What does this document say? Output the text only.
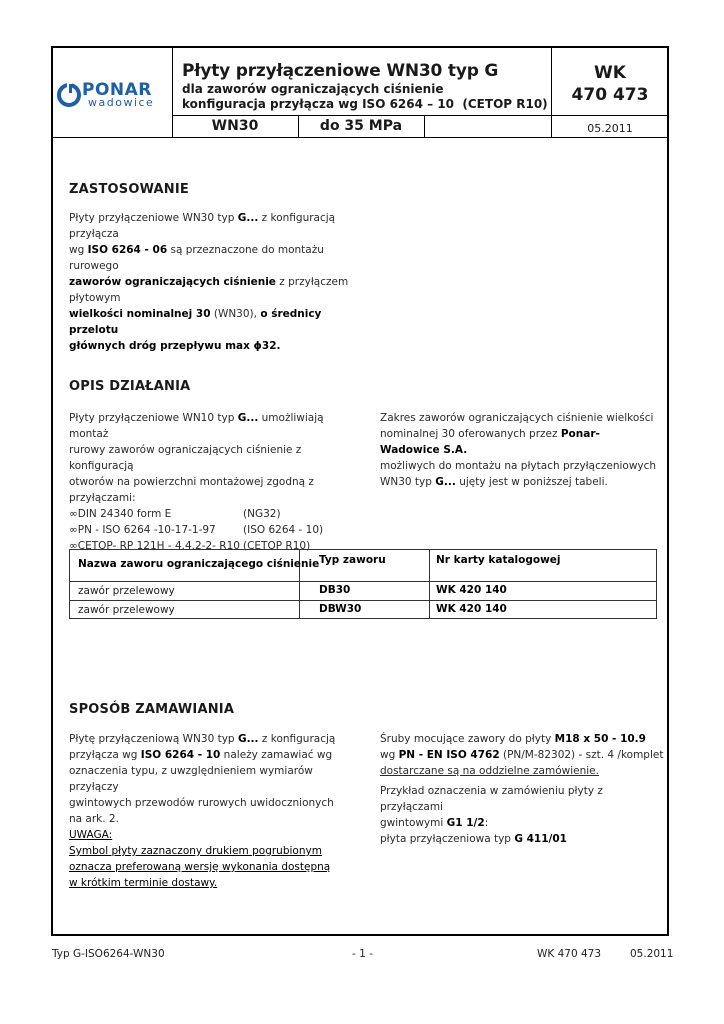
PONAR
wadowice
Płyty przyłączeniowe WN30 typ G
dla zaworów ograniczających ciśnienie
konfiguracja przyłącza wg ISO 6264 – 10 (CETOP R10)
WK
470 473
WN30	do 35 MPa	05.2011
ZASTOSOWANIE
Płyty przyłączeniowe WN30 typ G... z konfiguracją przyłącza
wg ISO 6264 - 06 są przeznaczone do montażu rurowego
zaworów ograniczających ciśnienie z przyłączem płytowym
wielkości nominalnej 30 (WN30), o średnicy przelotu
głównych dróg przepływu max ϕ32.
OPIS DZIAŁANIA
Płyty przyłączeniowe WN10 typ G... umożliwiają montaż
rurowy zaworów ograniczających ciśnienie z konfiguracją
otworów na powierzchni montażowej zgodną z
przyłączami:
∞DIN 24340 form E	(NG32)
∞PN - ISO 6264 -10-17-1-97	(ISO 6264 - 10)
∞CETOP- RP 121H - 4.4.2-2- R10 (CETOP R10)
Zakres zaworów ograniczających ciśnienie wielkości
nominalnej 30 oferowanych przez Ponar- Wadowice S.A.
możliwych do montażu na płytach przyłączeniowych
WN30 typ G... ujęty jest w poniższej tabeli.
Nazwa zaworu ograniczającego ciśnienie Typ zaworu	Nr karty katalogowej
zawór przelewowy	DB30	WK 420 140
zawór przelewowy	DBW30	WK 420 140
SPOSÓB ZAMAWIANIA
Płytę przyłączeniową WN30 typ G... z konfiguracją
przyłącza wg ISO 6264 - 10 należy zamawiać wg
oznaczenia typu, z uwzględnieniem wymiarów przyłączy
gwintowych przewodów rurowych uwidocznionych
na ark. 2.
UWAGA:
Symbol płyty zaznaczony drukiem pogrubionym
oznacza preferowaną wersję wykonania dostępną
w krótkim terminie dostawy.
Śruby mocujące zawory do płyty M18 x 50 - 10.9
wg PN - EN ISO 4762 (PN/M-82302) - szt. 4 /komplet
dostarczane są na oddzielne zamówienie.
Przykład oznaczenia w zamówieniu płyty z przyłączami
gwintowymi G1 1/2:
płyta przyłączeniowa typ G 411/01
Typ G-ISO6264-WN30	- 1 -	WK 470 473	05.2011
